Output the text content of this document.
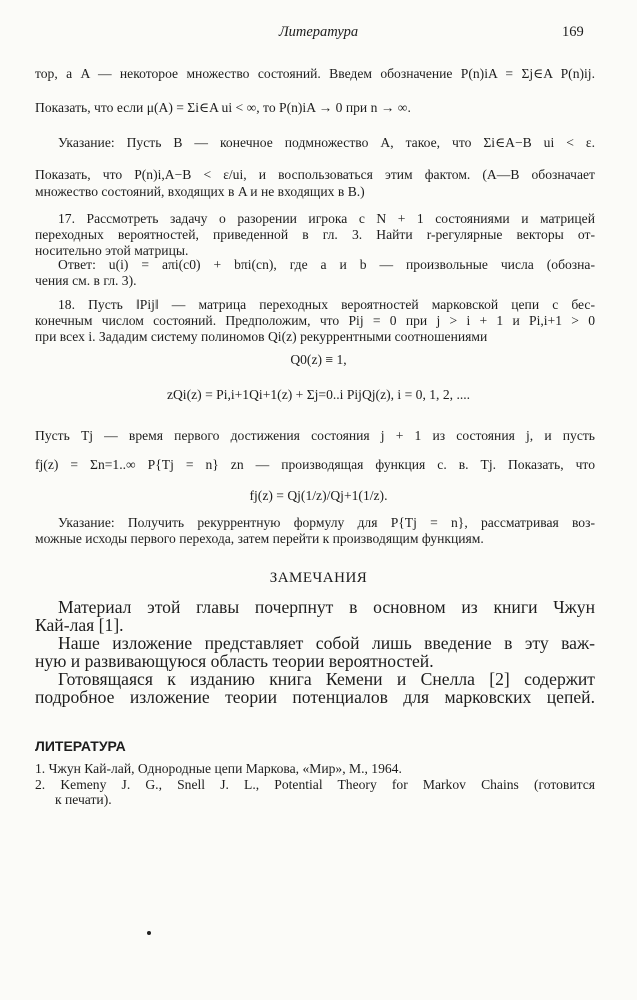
Литература	169

тор, а A — некоторое множество состояний. Введем обозначение P(n)iA = Σj∈A P(n)ij.

Показать, что если μ(A) = Σi∈A ui < ∞, то P(n)iA → 0 при n → ∞.

Указание: Пусть B — конечное подмножество A, такое, что Σi∈A−B ui < ε.

Показать, что P(n)i,A−B < ε/ui, и воспользоваться этим фактом. (A—B обозначает

множество состояний, входящих в A и не входящих в B.)

17. Рассмотреть задачу о разорении игрока с N + 1 состояниями и матрицей

переходных вероятностей, приведенной в гл. 3. Найти r-регулярные векторы от-

носительно этой матрицы.

Ответ: u(i) = aπi(c0) + bπi(cn), где a и b — произвольные числа (обозна-

чения см. в гл. 3).

18. Пусть ‖Pij‖ — матрица переходных вероятностей марковской цепи с бес-

конечным числом состояний. Предположим, что Pij = 0 при j > i + 1 и Pi,i+1 > 0

при всех i. Зададим систему полиномов Qi(z) рекуррентными соотношениями

Q0(z) ≡ 1,

zQi(z) = Pi,i+1Qi+1(z) + Σj=0..i PijQj(z), i = 0, 1, 2, ....

Пусть Tj — время первого достижения состояния j + 1 из состояния j, и пусть

fj(z) = Σn=1..∞ P{Tj = n} zn — производящая функция с. в. Tj. Показать, что

fj(z) = Qj(1/z)/Qj+1(1/z).

Указание: Получить рекуррентную формулу для P{Tj = n}, рассматривая воз-

можные исходы первого перехода, затем перейти к производящим функциям.

ЗАМЕЧАНИЯ

Материал этой главы почерпнут в основном из книги Чжун

Кай-лая [1].

Наше изложение представляет собой лишь введение в эту важ-

ную и развивающуюся область теории вероятностей.

Готовящаяся к изданию книга Кемени и Снелла [2] содержит

подробное изложение теории потенциалов для марковских цепей.

ЛИТЕРАТУРА

1. Чжун Кай-лай, Однородные цепи Маркова, «Мир», М., 1964.

2. Kemeny J. G., Snell J. L., Potential Theory for Markov Chains (готовится

к печати).
